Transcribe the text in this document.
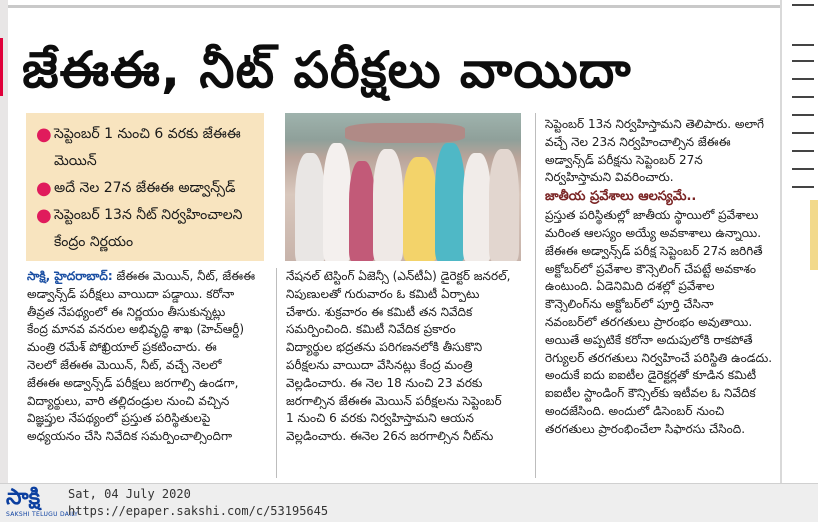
జేఈఈ, నీట్‌ పరీక్షలు వాయిదా
● సెప్టెంబర్‌ 1 నుంచి 6 వరకు జేఈఈ మెయిన్‌
● అదే నెల 27న జేఈఈ అడ్వాన్స్‌డ్‌
● సెప్టెంబర్‌ 13న నీట్‌ నిర్వహించాలని కేంద్రం నిర్ణయం
సాక్షి, హైదరాబాద్‌: జేఈఈ మెయిన్‌, నీట్‌, జేఈఈ
అడ్వాన్స్‌డ్‌ పరీక్షలు వాయిదా పడ్డాయి. కరోనా
తీవ్రత నేపథ్యంలో ఈ నిర్ణయం తీసుకున్నట్లు
కేంద్ర మానవ వనరుల అభివృద్ధి శాఖ (హెచ్‌ఆర్డీ)
మంత్రి రమేశ్‌ పోఖ్రియాల్‌ ప్రకటించారు. ఈ
నెలలో జేఈఈ మెయిన్‌, నీట్‌, వచ్చే నెలలో
జేఈఈ అడ్వాన్స్‌డ్‌ పరీక్షలు జరగాల్సి ఉండగా,
విద్యార్థులు, వారి తల్లిదండ్రుల నుంచి వచ్చిన
విజ్ఞప్తుల నేపథ్యంలో ప్రస్తుత పరిస్థితులపై
అధ్యయనం చేసి నివేదిక సమర్పించాల్సిందిగా
నేషనల్‌ టెస్టింగ్‌ ఏజెన్సీ (ఎన్‌టీఏ) డైరెక్టర్‌ జనరల్‌,
నిపుణులతో గురువారం ఓ కమిటీ ఏర్పాటు
చేశారు. శుక్రవారం ఈ కమిటీ తన నివేదిక
సమర్పించింది. కమిటీ నివేదిక ప్రకారం
విద్యార్థుల భద్రతను పరిగణనలోకి తీసుకొని
పరీక్షలను వాయిదా వేసినట్లు కేంద్ర మంత్రి
వెల్లడించారు. ఈ నెల 18 నుంచి 23 వరకు
జరగాల్సిన జేఈఈ మెయిన్‌ పరీక్షలను సెప్టెంబర్‌
1 నుంచి 6 వరకు నిర్వహిస్తామని ఆయన
వెల్లడించారు. ఈనెల 26న జరగాల్సిన నీట్‌ను
సెప్టెంబర్‌ 13న నిర్వహిస్తామని తెలిపారు. అలాగే
వచ్చే నెల 23న నిర్వహించాల్సిన జేఈఈ
అడ్వాన్స్‌డ్‌ పరీక్షను సెప్టెంబర్‌ 27న
నిర్వహిస్తామని వివరించారు.
జాతీయ ప్రవేశాలు ఆలస్యమే..
ప్రస్తుత పరిస్థితుల్లో జాతీయ స్థాయిలో ప్రవేశాలు
మరింత ఆలస్యం అయ్యే అవకాశాలు ఉన్నాయి.
జేఈఈ అడ్వాన్స్‌డ్‌ పరీక్ష సెప్టెంబర్‌ 27న జరిగితే
అక్టోబర్‌లో ప్రవేశాల కౌన్సెలింగ్‌ చేపట్టే అవకాశం
ఉంటుంది. ఏడెనిమిది దశల్లో ప్రవేశాల
కౌన్సెలింగ్‌ను అక్టోబర్‌లో పూర్తి చేసినా
నవంబర్‌లో తరగతులు ప్రారంభం అవుతాయి.
అయితే అప్పటికే కరోనా అదుపులోకి రాకపోతే
రెగ్యులర్‌ తరగతులు నిర్వహించే పరిస్థితి ఉండదు.
అందుకే ఐదు ఐఐటీల డైరెక్టర్లతో కూడిన కమిటీ
ఐఐటీల స్టాండింగ్‌ కౌన్సిల్‌కు ఇటీవల ఓ నివేదిక
అందజేసింది. అందులో డిసెంబర్‌ నుంచి
తరగతులు ప్రారంభించేలా సిఫారసు చేసింది.
సాక్షి
SAKSHI TELUGU DAILY
Sat, 04 July 2020
https://epaper.sakshi.com/c/53195645
